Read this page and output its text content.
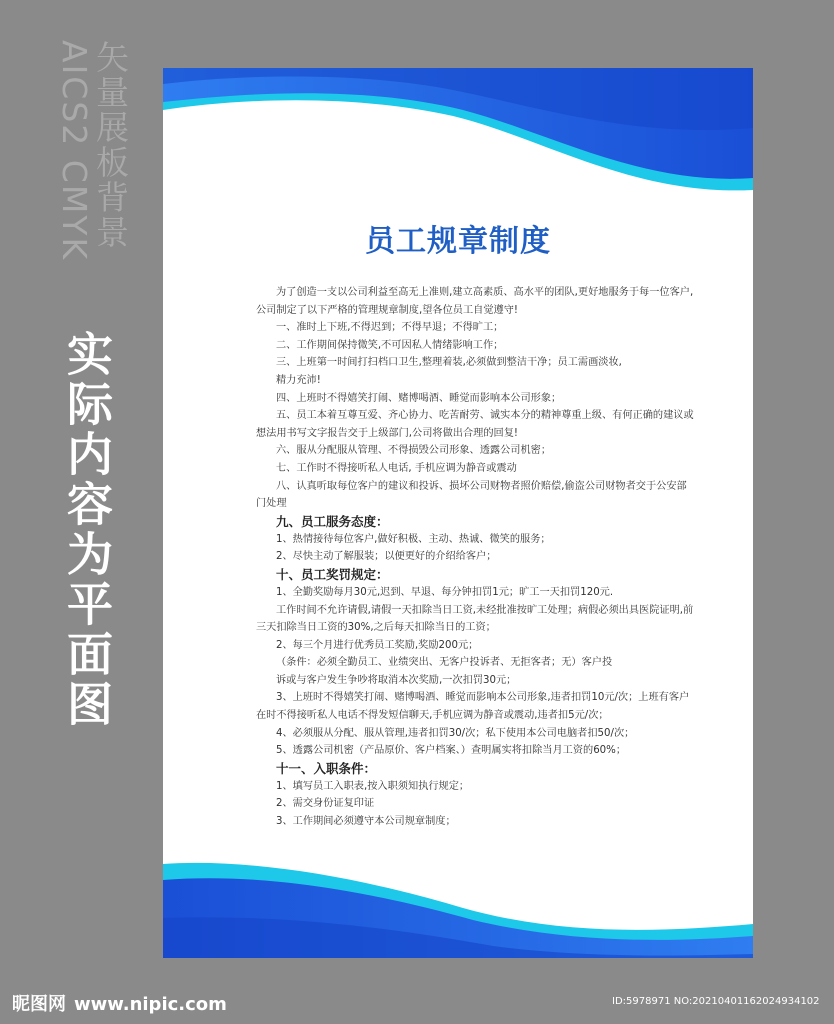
矢量展板背景
AICS2 CMYK
实际内容为平面图
员工规章制度

为了创造一支以公司利益至高无上准则,建立高素质、高水平的团队,更好地服务于每一位客户,公司制定了以下严格的管理规章制度,望各位员工自觉遵守!

一、准时上下班,不得迟到；不得早退；不得旷工；

二、工作期间保持微笑,不可因私人情绪影响工作；

三、上班第一时间打扫档口卫生,整理着装,必须做到整洁干净；员工需画淡妆,

精力充沛!

四、上班时不得嬉笑打闹、赌博喝酒、睡觉而影响本公司形象；

五、员工本着互尊互爱、齐心协力、吃苦耐劳、诚实本分的精神尊重上级、有何正确的建议或想法用书写文字报告交于上级部门,公司将做出合理的回复!

六、服从分配服从管理、不得损毁公司形象、透露公司机密；

七、工作时不得接听私人电话, 手机应调为静音或震动

八、认真听取每位客户的建议和投诉、损坏公司财物者照价赔偿,偷盗公司财物者交于公安部门处理

九、员工服务态度：

1、热情接待每位客户,做好积极、主动、热诚、微笑的服务；

2、尽快主动了解服装；以便更好的介绍给客户；

十、员工奖罚规定：

1、全勤奖励每月30元,迟到、早退、每分钟扣罚1元；旷工一天扣罚120元.

工作时间不允许请假,请假一天扣除当日工资,未经批准按旷工处理；病假必须出具医院证明,前三天扣除当日工资的30%,之后每天扣除当日的工资；

2、每三个月进行优秀员工奖励,奖励200元；

（条件：必须全勤员工、业绩突出、无客户投诉者、无拒客者；无）客户投

诉或与客户发生争吵将取消本次奖励,一次扣罚30元；

3、上班时不得嬉笑打闹、赌博喝酒、睡觉而影响本公司形象,违者扣罚10元/次；上班有客户在时不得接听私人电话不得发短信聊天,手机应调为静音或震动,违者扣5元/次；

4、必须服从分配、服从管理,违者扣罚30/次；私下使用本公司电脑者扣50/次；

5、透露公司机密（产品原价、客户档案、）查明属实将扣除当月工资的60%；

十一、入职条件：

1、填写员工入职表,按入职须知执行规定；

2、需交身份证复印证

3、工作期间必须遵守本公司规章制度；

昵图网 www.nipic.com	ID:5978971 NO:20210401162024934102
